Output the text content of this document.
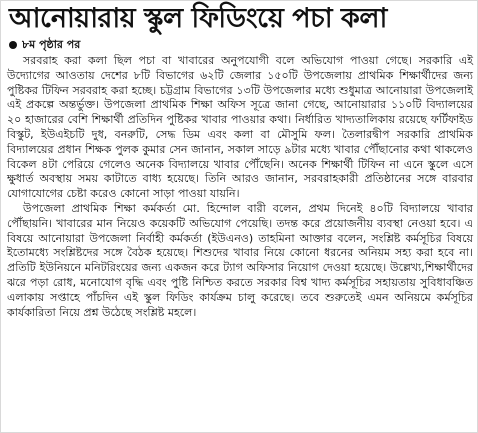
আনোয়ারায় স্কুল ফিডিংয়ে পচা কলা
৮ম পৃষ্ঠার পর

সরবরাহ করা কলা ছিল পচা বা খাবারের অনুপযোগী বলে অভিযোগ পাওয়া গেছে। সরকারি এই উদ্যোগের আওতায় দেশের ৮টি বিভাগের ৬২টি জেলার ১৫০টি উপজেলায় প্রাথমিক শিক্ষার্থীদের জন্য পুষ্টিকর টিফিন সরবরাহ করা হচ্ছে। চট্টগ্রাম বিভাগের ১৩টি উপজেলার মধ্যে শুধুমাত্র আনোয়ারা উপজেলাই এই প্রকল্পে অন্তর্ভুক্ত। উপজেলা প্রাথমিক শিক্ষা অফিস সূত্রে জানা গেছে, আনোয়ারার ১১০টি বিদ্যালয়ের ২০ হাজারের বেশি শিক্ষার্থী প্রতিদিন পুষ্টিকর খাবার পাওয়ার কথা। নির্ধারিত খাদ্যতালিকায় রয়েছে ফর্টিফাইড বিস্কুট, ইউএইচটি দুধ, বনরুটি, সেদ্ধ ডিম এবং কলা বা মৌসুমি ফল। তৈলারদ্বীপ সরকারি প্রাথমিক বিদ্যালয়ের প্রধান শিক্ষক পুলক কুমার সেন জানান, সকাল সাড়ে ৯টার মধ্যে খাবার পৌঁছানোর কথা থাকলেও বিকেল ৪টা পেরিয়ে গেলেও অনেক বিদ্যালয়ে খাবার পৌঁছেনি। অনেক শিক্ষার্থী টিফিন না এনে স্কুলে এসে ক্ষুধার্ত অবস্থায় সময় কাটাতে বাধ্য হয়েছে। তিনি আরও জানান, সরবরাহকারী প্রতিষ্ঠানের সঙ্গে বারবার যোগাযোগের চেষ্টা করেও কোনো সাড়া পাওয়া যায়নি।

উপজেলা প্রাথমিক শিক্ষা কর্মকর্তা মো. হিন্দোল বারী বলেন, প্রথম দিনেই ৪০টি বিদ্যালয়ে খাবার পৌঁছায়নি। খাবারের মান নিয়েও কয়েকটি অভিযোগ পেয়েছি। তদন্ত করে প্রয়োজনীয় ব্যবস্থা নেওয়া হবে। এ বিষয়ে আনোয়ারা উপজেলা নির্বাহী কর্মকর্তা (ইউএনও) তাহমিনা আক্তার বলেন, সংশ্লিষ্ট কর্মসূচির বিষয়ে ইতোমধ্যে সংশ্লিষ্টদের সঙ্গে বৈঠক হয়েছে। শিশুদের খাবার নিয়ে কোনো ধরনের অনিয়ম সহ্য করা হবে না। প্রতিটি ইউনিয়নে মনিটরিংয়ের জন্য একজন করে ট্যাগ অফিসার নিয়োগ দেওয়া হয়েছে। উল্লেখ্য,শিক্ষার্থীদের ঝরে পড়া রোধ, মনোযোগ বৃদ্ধি এবং পুষ্টি নিশ্চিত করতে সরকার বিশ্ব খাদ্য কর্মসূচির সহায়তায় সুবিধাবঞ্চিত এলাকায় সপ্তাহে পাঁচদিন এই স্কুল ফিডিং কার্যক্রম চালু করেছে। তবে শুরুতেই এমন অনিয়মে কর্মসূচির কার্যকারিতা নিয়ে প্রশ্ন উঠেছে সংশ্লিষ্ট মহলে।
